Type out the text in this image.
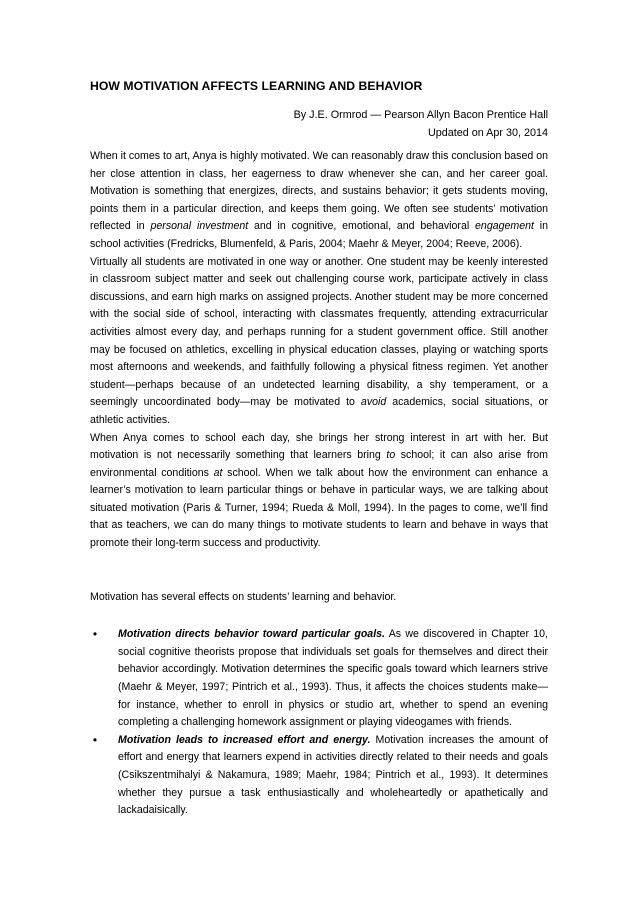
HOW MOTIVATION AFFECTS LEARNING AND BEHAVIOR
By J.E. Ormrod — Pearson Allyn Bacon Prentice Hall
Updated on Apr 30, 2014

When it comes to art, Anya is highly motivated. We can reasonably draw this conclusion based on her close attention in class, her eagerness to draw whenever she can, and her career goal. Motivation is something that energizes, directs, and sustains behavior; it gets students moving, points them in a particular direction, and keeps them going. We often see students’ motivation reflected in personal investment and in cognitive, emotional, and behavioral engagement in school activities (Fredricks, Blumenfeld, & Paris, 2004; Maehr & Meyer, 2004; Reeve, 2006).

Virtually all students are motivated in one way or another. One student may be keenly interested in classroom subject matter and seek out challenging course work, participate actively in class discussions, and earn high marks on assigned projects. Another student may be more concerned with the social side of school, interacting with classmates frequently, attending extracurricular activities almost every day, and perhaps running for a student government office. Still another may be focused on athletics, excelling in physical education classes, playing or watching sports most afternoons and weekends, and faithfully following a physical fitness regimen. Yet another student—perhaps because of an undetected learning disability, a shy temperament, or a seemingly uncoordinated body—may be motivated to avoid academics, social situations, or athletic activities.

When Anya comes to school each day, she brings her strong interest in art with her. But motivation is not necessarily something that learners bring to school; it can also arise from environmental conditions at school. When we talk about how the environment can enhance a learner’s motivation to learn particular things or behave in particular ways, we are talking about situated motivation (Paris & Turner, 1994; Rueda & Moll, 1994). In the pages to come, we’ll find that as teachers, we can do many things to motivate students to learn and behave in ways that promote their long-term success and productivity.

Motivation has several effects on students’ learning and behavior.
• Motivation directs behavior toward particular goals. As we discovered in Chapter 10, social cognitive theorists propose that individuals set goals for themselves and direct their behavior accordingly. Motivation determines the specific goals toward which learners strive (Maehr & Meyer, 1997; Pintrich et al., 1993). Thus, it affects the choices students make—for instance, whether to enroll in physics or studio art, whether to spend an evening completing a challenging homework assignment or playing videogames with friends.
• Motivation leads to increased effort and energy. Motivation increases the amount of effort and energy that learners expend in activities directly related to their needs and goals (Csikszentmihalyi & Nakamura, 1989; Maehr, 1984; Pintrich et al., 1993). It determines whether they pursue a task enthusiastically and wholeheartedly or apathetically and lackadaisically.
